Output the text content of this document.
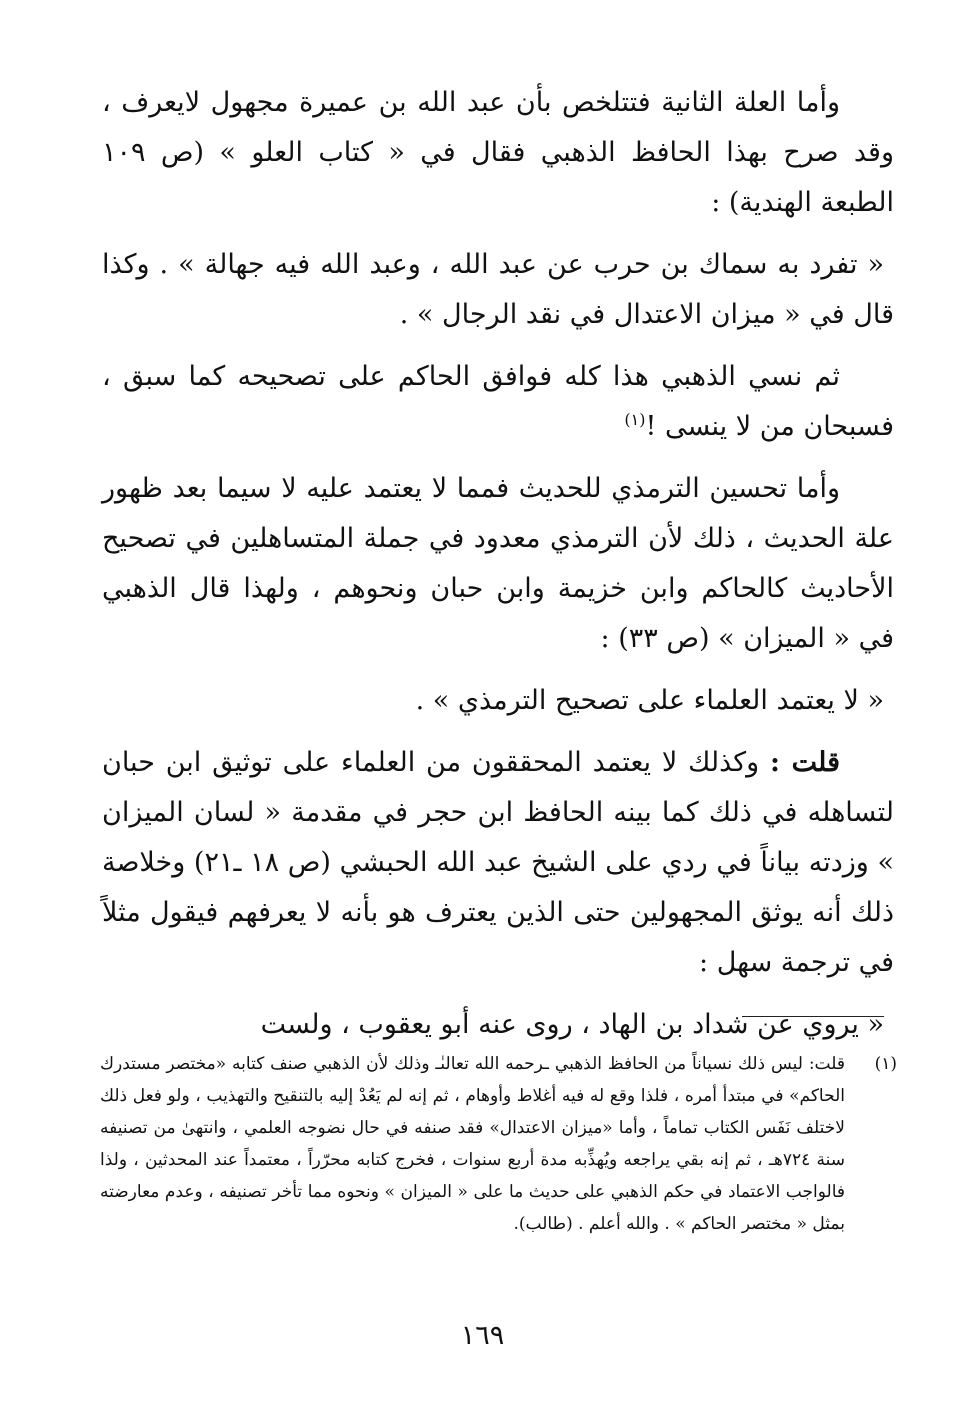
وأما العلة الثانية فتتلخص بأن عبد الله بن عميرة مجهول لايعرف ، وقد صرح بهذا الحافظ الذهبي فقال في « كتاب العلو » (ص ١٠٩ الطبعة الهندية) :

« تفرد به سماك بن حرب عن عبد الله ، وعبد الله فيه جهالة » . وكذا قال في « ميزان الاعتدال في نقد الرجال » .

ثم نسي الذهبي هذا كله فوافق الحاكم على تصحيحه كما سبق ، فسبحان من لا ينسى !$^{(١)}$

وأما تحسين الترمذي للحديث فمما لا يعتمد عليه لا سيما بعد ظهور علة الحديث ، ذلك لأن الترمذي معدود في جملة المتساهلين في تصحيح الأحاديث كالحاكم وابن خزيمة وابن حبان ونحوهم ، ولهذا قال الذهبي في « الميزان » (ص ٣٣) :

« لا يعتمد العلماء على تصحيح الترمذي » .

قلت : وكذلك لا يعتمد المحققون من العلماء على توثيق ابن حبان لتساهله في ذلك كما بينه الحافظ ابن حجر في مقدمة « لسان الميزان » وزدته بياناً في ردي على الشيخ عبد الله الحبشي (ص ١٨ ـ٢١) وخلاصة ذلك أنه يوثق المجهولين حتى الذين يعترف هو بأنه لا يعرفهم فيقول مثلاً في ترجمة سهل :

« يروي عن شداد بن الهاد ، روى عنه أبو يعقوب ، ولست

(١)
قلت: ليس ذلك نسياناً من الحافظ الذهبي ـرحمه الله تعالىٰـ وذلك لأن الذهبي صنف كتابه «مختصر مستدرك الحاكم» في مبتدأ أمره ، فلذا وقع له فيه أغلاط وأوهام ، ثم إنه لم يَعُدْ إليه بالتنقيح والتهذيب ، ولو فعل ذلك لاختلف نَفَس الكتاب تماماً ، وأما «ميزان الاعتدال» فقد صنفه في حال نضوجه العلمي ، وانتهىٰ من تصنيفه سنة ٧٢٤هـ ، ثم إنه بقي يراجعه ويُهذِّبه مدة أربع سنوات ، فخرج كتابه محرّراً ، معتمداً عند المحدثين ، ولذا فالواجب الاعتماد في حكم الذهبي على حديث ما على « الميزان » ونحوه مما تأخر تصنيفه ، وعدم معارضته بمثل « مختصر الحاكم » . والله أعلم . (طالب).
١٦٩
